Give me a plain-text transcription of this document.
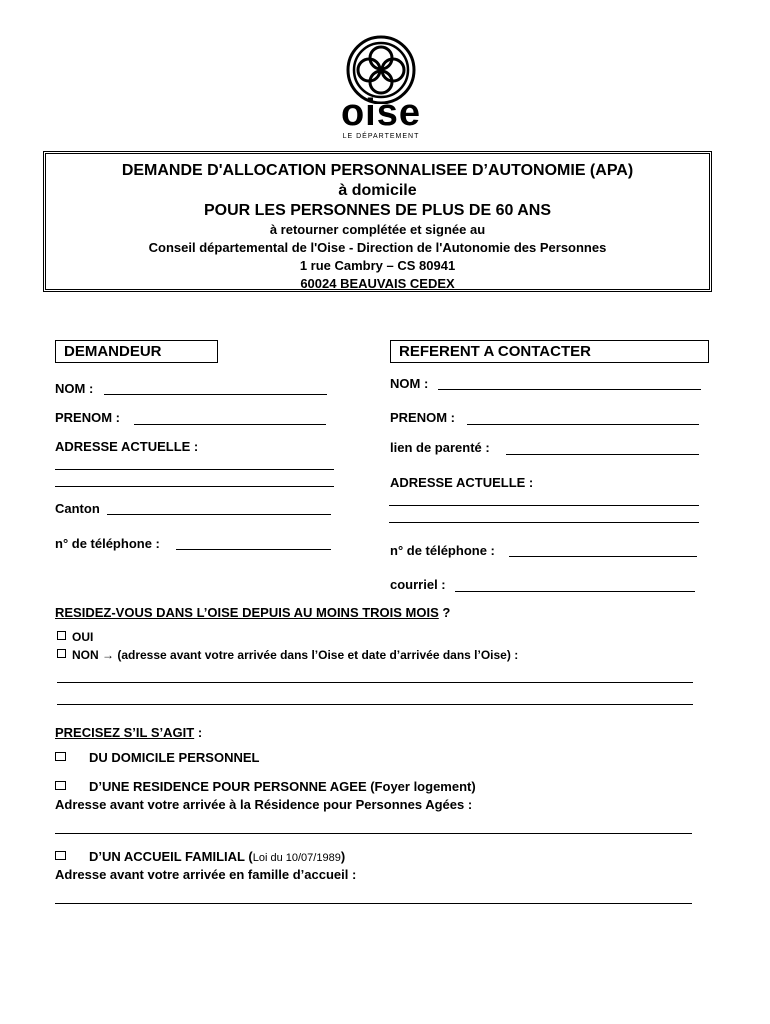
oise
LE DÉPARTEMENT
DEMANDE D'ALLOCATION PERSONNALISEE D’AUTONOMIE (APA)
à domicile
POUR LES PERSONNES DE PLUS DE 60 ANS
à retourner complétée et signée au
Conseil départemental de l'Oise - Direction de l'Autonomie des Personnes
1 rue Cambry – CS 80941
60024 BEAUVAIS CEDEX
DEMANDEUR	REFERENT A CONTACTER
NOM :
PRENOM :
ADRESSE ACTUELLE :
Canton
n° de téléphone :
NOM :
PRENOM :
lien de parenté :
ADRESSE ACTUELLE :
n° de téléphone :
courriel :
RESIDEZ-VOUS DANS L’OISE DEPUIS AU MOINS TROIS MOIS ?
OUI
NON → (adresse avant votre arrivée dans l’Oise et date d’arrivée dans l’Oise) :
PRECISEZ S’IL S’AGIT :
DU DOMICILE PERSONNEL
D’UNE RESIDENCE POUR PERSONNE AGEE (Foyer logement)
Adresse avant votre arrivée à la Résidence pour Personnes Agées :
D’UN ACCUEIL FAMILIAL (Loi du 10/07/1989)
Adresse avant votre arrivée en famille d’accueil :
